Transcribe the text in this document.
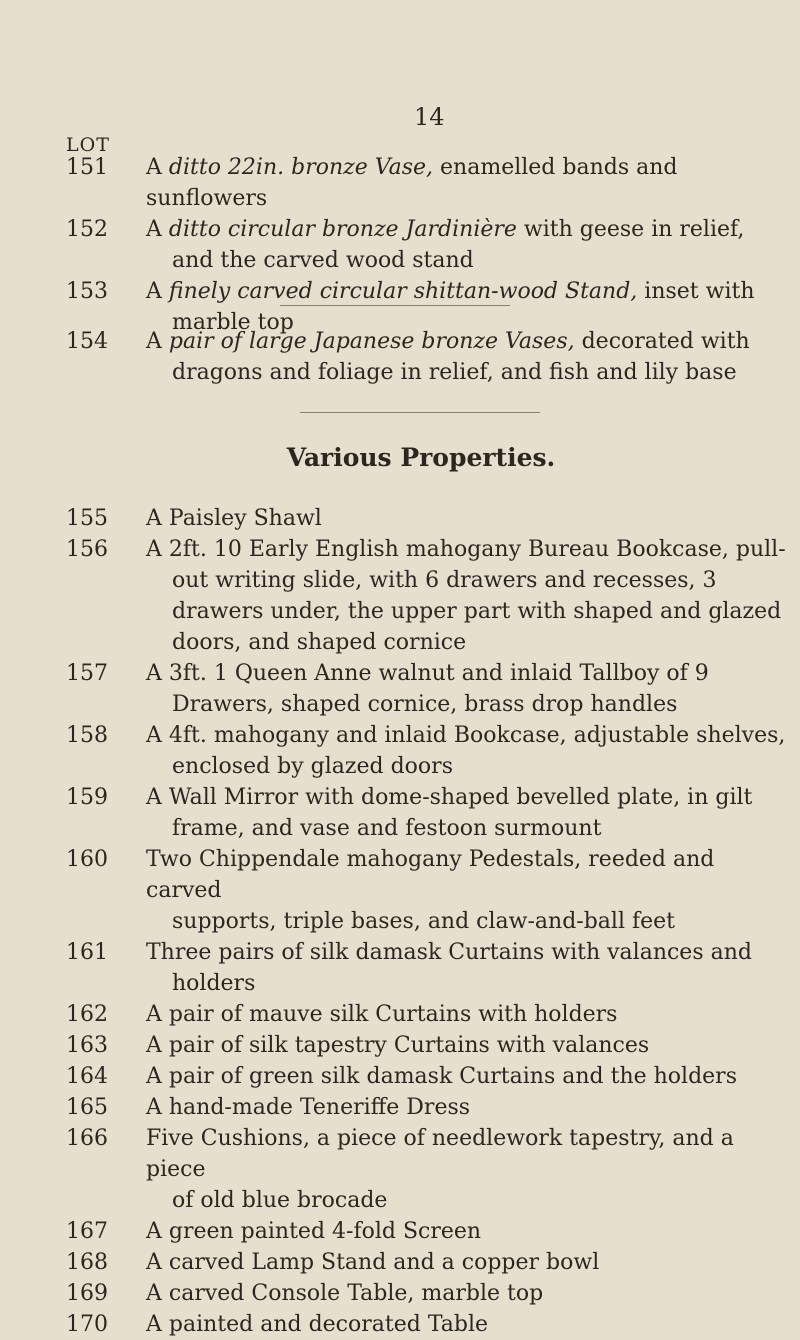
14
LOT
151	A ditto 22in. bronze Vase, enamelled bands and sunflowers
152	A ditto circular bronze Jardinière with geese in relief,
and the carved wood stand
153	A finely carved circular shittan-wood Stand, inset with
marble top
154	A pair of large Japanese bronze Vases, decorated with
dragons and foliage in relief, and fish and lily base
Various Properties.
155	A Paisley Shawl
156	A 2ft. 10 Early English mahogany Bureau Bookcase, pull-
out writing slide, with 6 drawers and recesses, 3 drawers under, the upper part with shaped and glazed doors, and shaped cornice
157	A 3ft. 1 Queen Anne walnut and inlaid Tallboy of 9
Drawers, shaped cornice, brass drop handles
158	A 4ft. mahogany and inlaid Bookcase, adjustable shelves,
enclosed by glazed doors
159	A Wall Mirror with dome-shaped bevelled plate, in gilt
frame, and vase and festoon surmount
160	Two Chippendale mahogany Pedestals, reeded and carved
supports, triple bases, and claw-and-ball feet
161	Three pairs of silk damask Curtains with valances and
holders
162	A pair of mauve silk Curtains with holders
163	A pair of silk tapestry Curtains with valances
164	A pair of green silk damask Curtains and the holders
165	A hand-made Teneriffe Dress
166	Five Cushions, a piece of needlework tapestry, and a piece
of old blue brocade
167	A green painted 4-fold Screen
168	A carved Lamp Stand and a copper bowl
169	A carved Console Table, marble top
170	A painted and decorated Table
